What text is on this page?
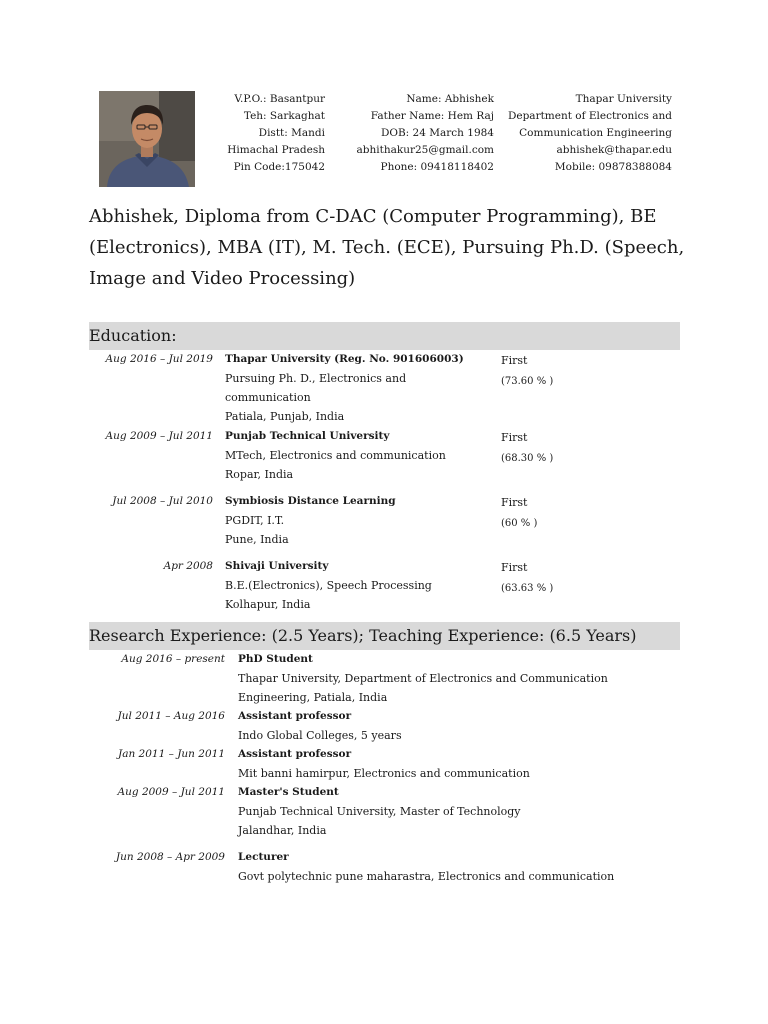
V.P.O.: Basantpur
Teh: Sarkaghat
Distt: Mandi
Himachal Pradesh
Pin Code:175042
Name: Abhishek
Father Name: Hem Raj
DOB: 24 March 1984
abhithakur25@gmail.com
Phone: 09418118402
Thapar University
Department of Electronics and
Communication Engineering
abhishek@thapar.edu
Mobile: 09878388084
Abhishek, Diploma from C-DAC (Computer Programming), BE (Electronics), MBA (IT), M. Tech. (ECE), Pursuing Ph.D. (Speech, Image and Video Processing)
Education:
Aug 2016 – Jul 2019 Thapar University (Reg. No. 901606003)
Pursuing Ph. D., Electronics and communication
Patiala, Punjab, India
First
(73.60 % )
Aug 2009 – Jul 2011 Punjab Technical University
MTech, Electronics and communication
Ropar, India
First
(68.30 % )
Jul 2008 – Jul 2010 Symbiosis Distance Learning
PGDIT, I.T.
Pune, India
First
(60 % )
Apr 2008 Shivaji University
B.E.(Electronics), Speech Processing
Kolhapur, India
First
(63.63 % )
Research Experience: (2.5 Years); Teaching Experience: (6.5 Years)
Aug 2016 – present PhD Student
Thapar University, Department of Electronics and Communication Engineering, Patiala, India
Jul 2011 – Aug 2016 Assistant professor
Indo Global Colleges, 5 years
Jan 2011 – Jun 2011 Assistant professor
Mit banni hamirpur, Electronics and communication
Aug 2009 – Jul 2011 Master's Student
Punjab Technical University, Master of Technology
Jalandhar, India
Jun 2008 – Apr 2009 Lecturer
Govt polytechnic pune maharastra, Electronics and communication
